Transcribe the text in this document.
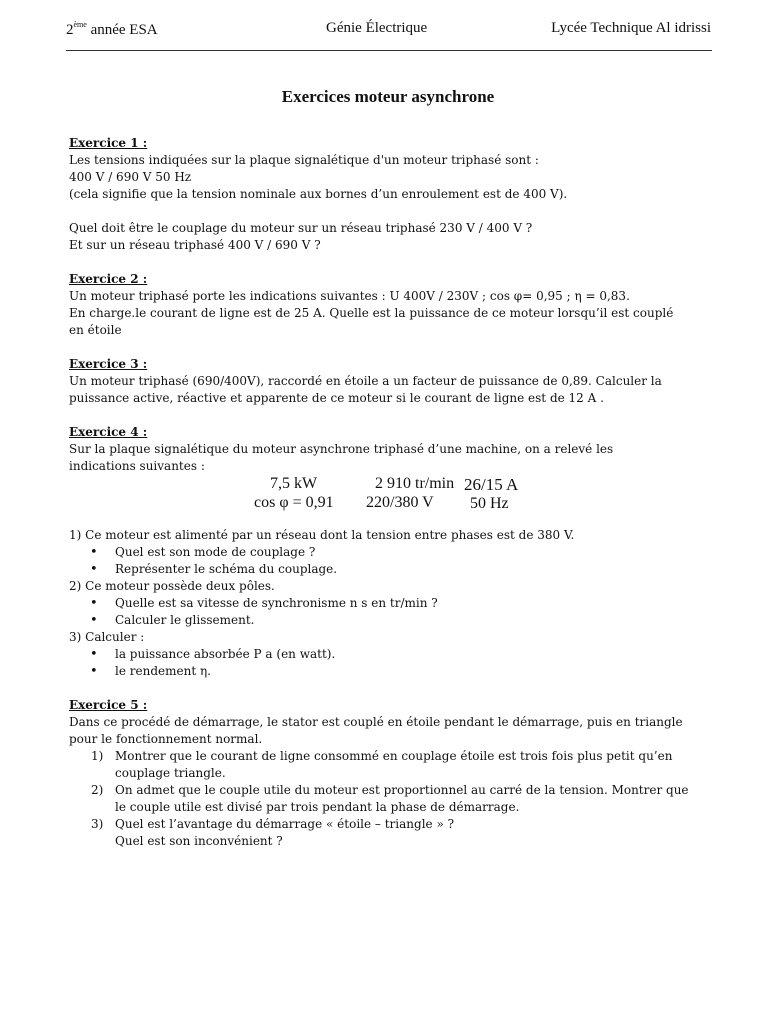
2ème année ESA	Génie Électrique	Lycée Technique Al idrissi
Exercices moteur asynchrone

Exercice 1 :

Les tensions indiquées sur la plaque signalétique d'un moteur triphasé sont :

400 V / 690 V 50 Hz

(cela signifie que la tension nominale aux bornes d’un enroulement est de 400 V).

Quel doit être le couplage du moteur sur un réseau triphasé 230 V / 400 V ?

Et sur un réseau triphasé 400 V / 690 V ?

Exercice 2 :

Un moteur triphasé porte les indications suivantes : U 400V / 230V ; cos φ= 0,95 ; η = 0,83.

En charge.le courant de ligne est de 25 A. Quelle est la puissance de ce moteur lorsqu’il est couplé

en étoile

Exercice 3 :

Un moteur triphasé (690/400V), raccordé en étoile a un facteur de puissance de 0,89. Calculer la

puissance active, réactive et apparente de ce moteur si le courant de ligne est de 12 A .

Exercice 4 :

Sur la plaque signalétique du moteur asynchrone triphasé d’une machine, on a relevé les

indications suivantes :

7,5 kW	2 910 tr/min 26/15 A
cos φ = 0,91 220/380 V 50 Hz

1) Ce moteur est alimenté par un réseau dont la tension entre phases est de 380 V.

• Quel est son mode de couplage ?
• Représenter le schéma du couplage.

2) Ce moteur possède deux pôles.

• Quelle est sa vitesse de synchronisme n s en tr/min ?
• Calculer le glissement.

3) Calculer :

• la puissance absorbée P a (en watt).
• le rendement η.

Exercice 5 :

Dans ce procédé de démarrage, le stator est couplé en étoile pendant le démarrage, puis en triangle

pour le fonctionnement normal.

1) Montrer que le courant de ligne consommé en couplage étoile est trois fois plus petit qu’en
couplage triangle.
2) On admet que le couple utile du moteur est proportionnel au carré de la tension. Montrer que
le couple utile est divisé par trois pendant la phase de démarrage.
3) Quel est l’avantage du démarrage « étoile – triangle » ?
Quel est son inconvénient ?
